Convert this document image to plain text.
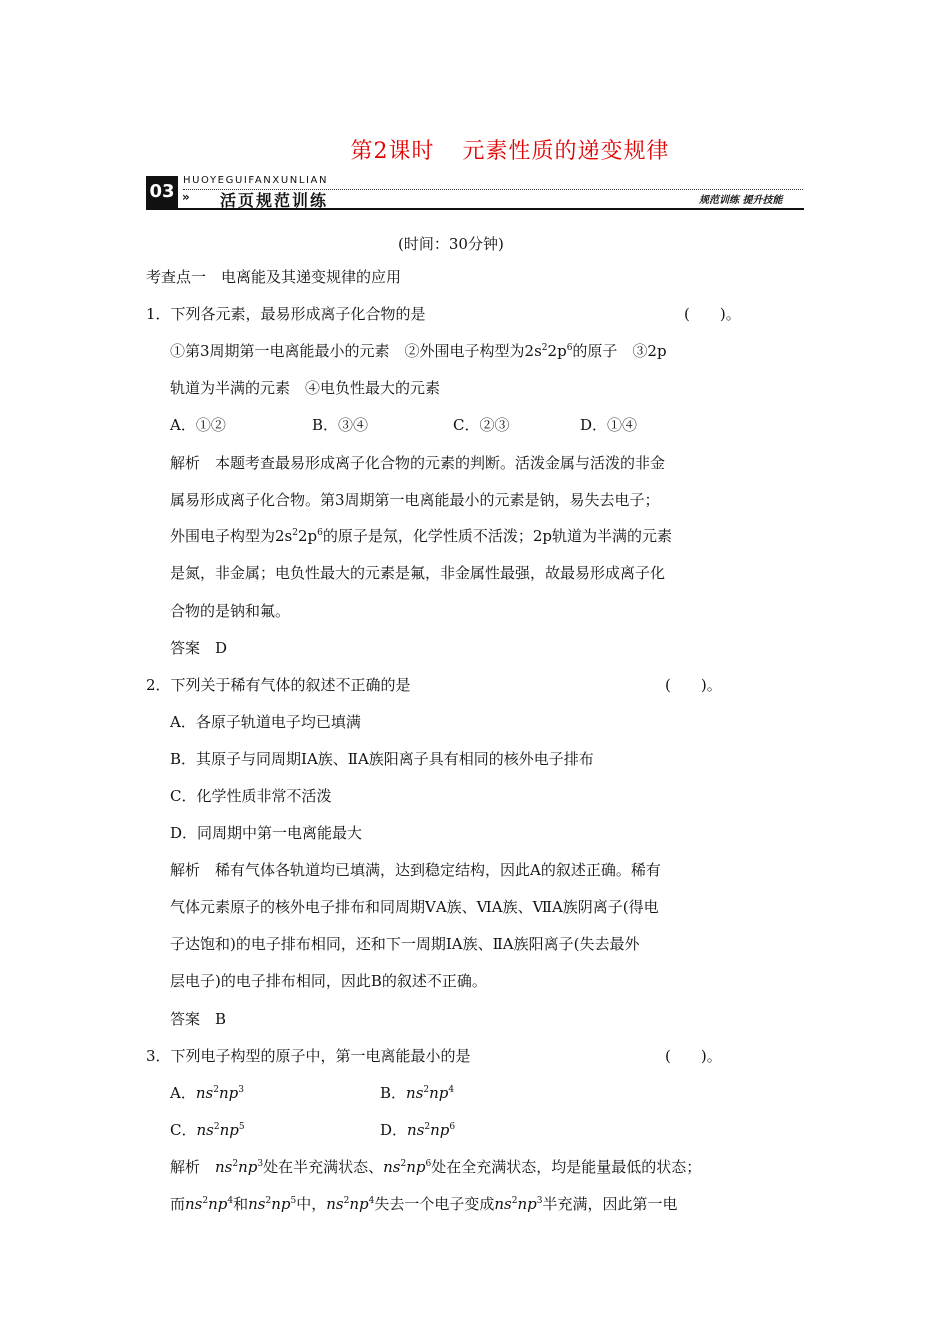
第2课时 元素性质的递变规律
03
HUOYEGUIFANXUNLIAN
» 活页规范训练	规范训练 提升技能
(时间：30分钟)
考查点一　电离能及其递变规律的应用
1．下列各元素，最易形成离子化合物的是	(　　)。
①第3周期第一电离能最小的元素　②外围电子构型为$2s^22p^6$的原子　③2p
轨道为半满的元素　④电负性最大的元素
A．①②	B．③④	C．②③	D．①④
解析　本题考查最易形成离子化合物的元素的判断。活泼金属与活泼的非金
属易形成离子化合物。第3周期第一电离能最小的元素是钠，易失去电子；
外围电子构型为$2s^22p^6$的原子是氖，化学性质不活泼；2p轨道为半满的元素
是氮，非金属；电负性最大的元素是氟，非金属性最强，故最易形成离子化
合物的是钠和氟。
答案　D
2．下列关于稀有气体的叙述不正确的是	(　　)。
A．各原子轨道电子均已填满
B．其原子与同周期ⅠA族、ⅡA族阳离子具有相同的核外电子排布
C．化学性质非常不活泼
D．同周期中第一电离能最大
解析　稀有气体各轨道均已填满，达到稳定结构，因此A的叙述正确。稀有
气体元素原子的核外电子排布和同周期ⅤA族、ⅥA族、ⅦA族阴离子(得电
子达饱和)的电子排布相同，还和下一周期ⅠA族、ⅡA族阳离子(失去最外
层电子)的电子排布相同，因此B的叙述不正确。
答案　B
3．下列电子构型的原子中，第一电离能最小的是	(　　)。
A．$ns^2np^3$	B．$ns^2np^4$
C．$ns^2np^5$	D．$ns^2np^6$
解析　$ns^2np^3$处在半充满状态、$ns^2np^6$处在全充满状态，均是能量最低的状态；
而$ns^2np^4$和$ns^2np^5$中，$ns^2np^4$失去一个电子变成$ns^2np^3$半充满，因此第一电
